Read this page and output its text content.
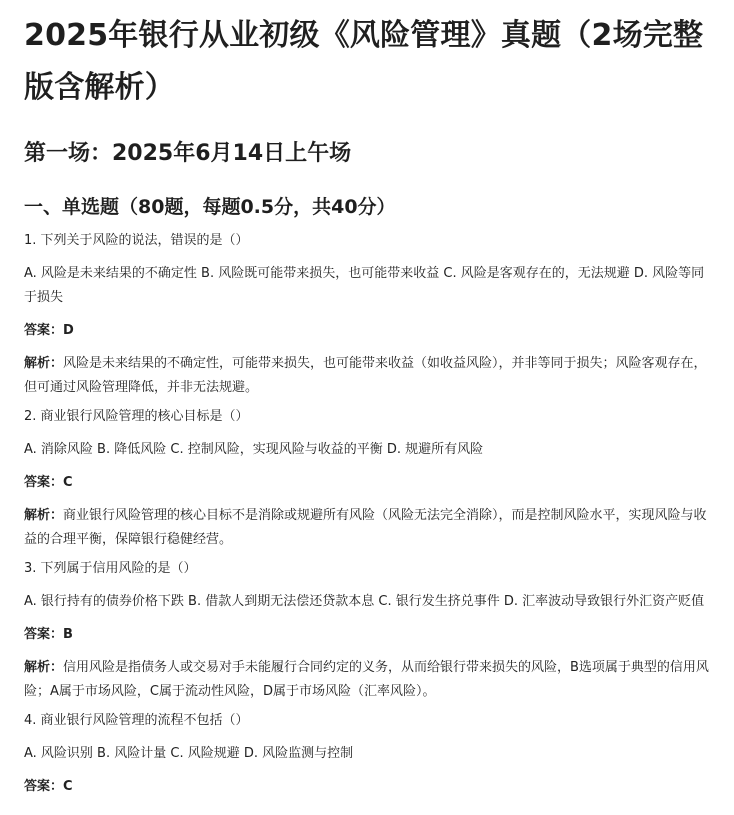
2025年银行从业初级《风险管理》真题（2场完整版含解析）
第一场：2025年6月14日上午场
一、单选题（80题，每题0.5分，共40分）

1. 下列关于风险的说法，错误的是（）

A. 风险是未来结果的不确定性 B. 风险既可能带来损失，也可能带来收益 C. 风险是客观存在的，无法规避 D. 风险等同于损失

答案：D

解析：风险是未来结果的不确定性，可能带来损失，也可能带来收益（如收益风险），并非等同于损失；风险客观存在，但可通过风险管理降低，并非无法规避。

2. 商业银行风险管理的核心目标是（）

A. 消除风险 B. 降低风险 C. 控制风险，实现风险与收益的平衡 D. 规避所有风险

答案：C

解析：商业银行风险管理的核心目标不是消除或规避所有风险（风险无法完全消除），而是控制风险水平，实现风险与收益的合理平衡，保障银行稳健经营。

3. 下列属于信用风险的是（）

A. 银行持有的债券价格下跌 B. 借款人到期无法偿还贷款本息 C. 银行发生挤兑事件 D. 汇率波动导致银行外汇资产贬值

答案：B

解析：信用风险是指债务人或交易对手未能履行合同约定的义务，从而给银行带来损失的风险，B选项属于典型的信用风险；A属于市场风险，C属于流动性风险，D属于市场风险（汇率风险）。

4. 商业银行风险管理的流程不包括（）

A. 风险识别 B. 风险计量 C. 风险规避 D. 风险监测与控制

答案：C
